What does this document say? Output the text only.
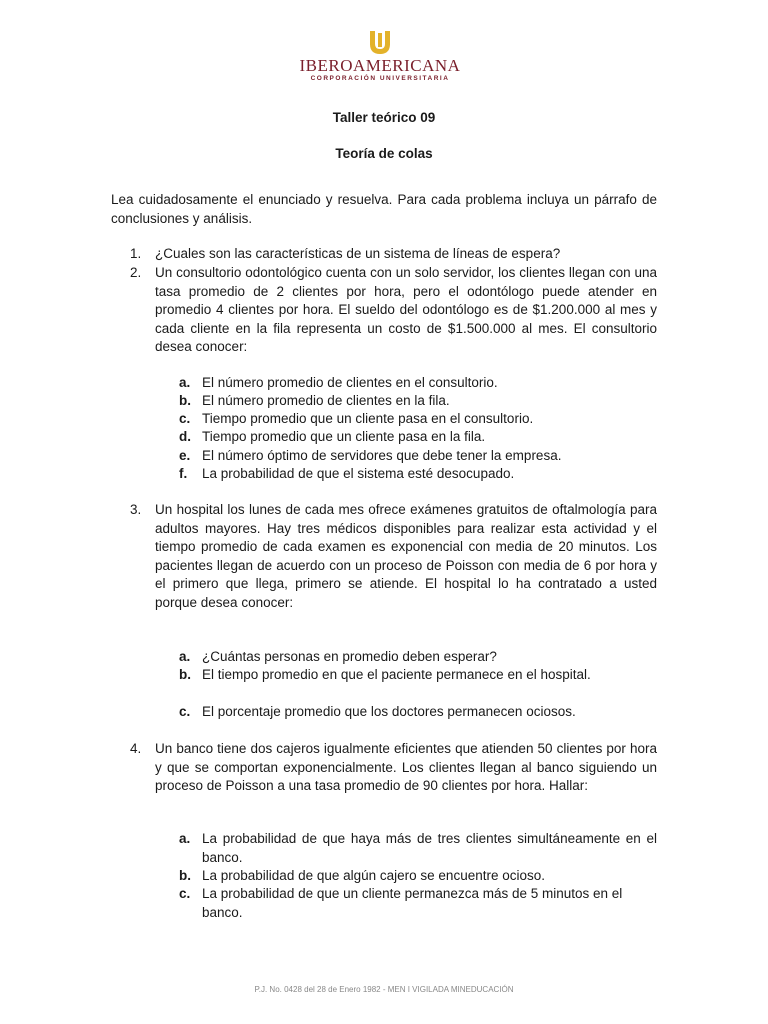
IBEROAMERICANA
CORPORACIÓN UNIVERSITARIA
Taller teórico 09
Teoría de colas
Lea cuidadosamente el enunciado y resuelva. Para cada problema incluya un párrafo de conclusiones y análisis.
1. ¿Cuales son las características de un sistema de líneas de espera?
2. Un consultorio odontológico cuenta con un solo servidor, los clientes llegan con una tasa promedio de 2 clientes por hora, pero el odontólogo puede atender en promedio 4 clientes por hora. El sueldo del odontólogo es de $1.200.000 al mes y cada cliente en la fila representa un costo de $1.500.000 al mes. El consultorio desea conocer:
a. El número promedio de clientes en el consultorio.
b. El número promedio de clientes en la fila.
c. Tiempo promedio que un cliente pasa en el consultorio.
d. Tiempo promedio que un cliente pasa en la fila.
e. El número óptimo de servidores que debe tener la empresa.
f. La probabilidad de que el sistema esté desocupado.
3. Un hospital los lunes de cada mes ofrece exámenes gratuitos de oftalmología para adultos mayores. Hay tres médicos disponibles para realizar esta actividad y el tiempo promedio de cada examen es exponencial con media de 20 minutos. Los pacientes llegan de acuerdo con un proceso de Poisson con media de 6 por hora y el primero que llega, primero se atiende. El hospital lo ha contratado a usted porque desea conocer:
a. ¿Cuántas personas en promedio deben esperar?
b. El tiempo promedio en que el paciente permanece en el hospital.
c. El porcentaje promedio que los doctores permanecen ociosos.
4. Un banco tiene dos cajeros igualmente eficientes que atienden 50 clientes por hora y que se comportan exponencialmente. Los clientes llegan al banco siguiendo un proceso de Poisson a una tasa promedio de 90 clientes por hora. Hallar:
a. La probabilidad de que haya más de tres clientes simultáneamente en el banco.
b. La probabilidad de que algún cajero se encuentre ocioso.
c. La probabilidad de que un cliente permanezca más de 5 minutos en el banco.
P.J. No. 0428 del 28 de Enero 1982 - MEN I VIGILADA MINEDUCACIÓN
